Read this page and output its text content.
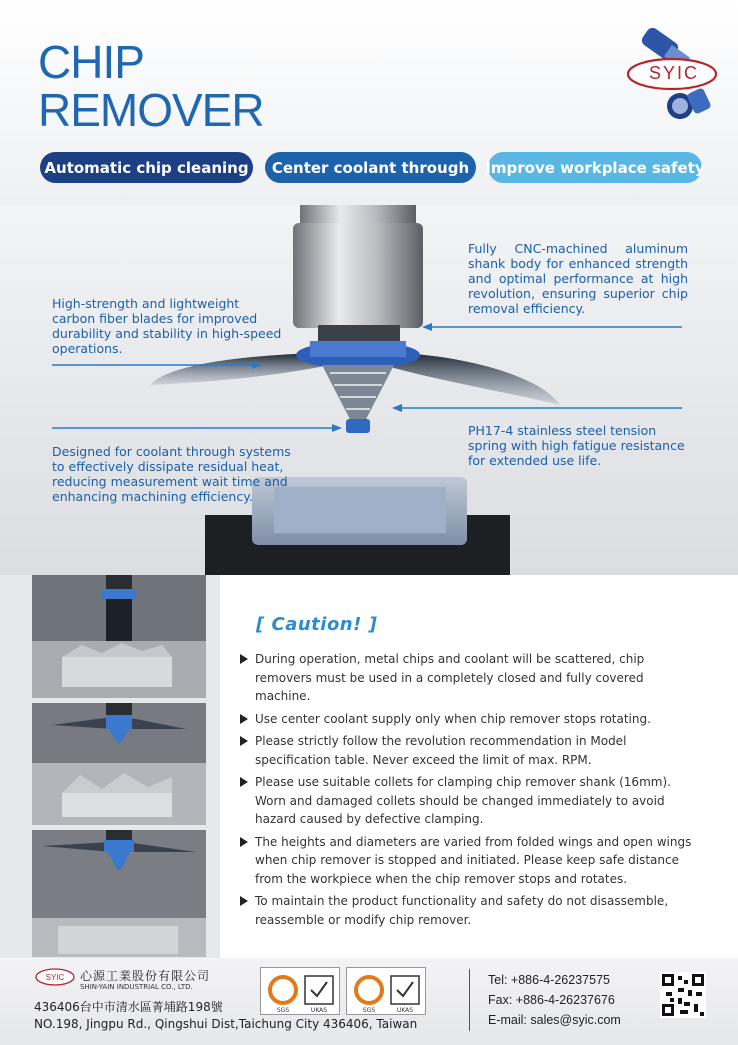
CHIP
REMOVER
SYIC
Automatic chip cleaning	Center coolant through	Improve workplace safety
High-strength and lightweight carbon fiber blades for improved durability and stability in high-speed operations.
Fully CNC-machined aluminum shank body for enhanced strength and optimal performance at high revolution, ensuring superior chip removal efficiency.
Designed for coolant through systems to effectively dissipate residual heat, reducing measurement wait time and enhancing machining efficiency.
PH17-4 stainless steel tension spring with high fatigue resistance for extended use life.
[ Caution! ]
During operation, metal chips and coolant will be scattered, chip removers must be used in a completely closed and fully covered machine.
Use center coolant supply only when chip remover stops rotating.
Please strictly follow the revolution recommendation in Model specification table. Never exceed the limit of max. RPM.
Please use suitable collets for clamping chip remover shank (16mm). Worn and damaged collets should be changed immediately to avoid hazard caused by defective clamping.
The heights and diameters are varied from folded wings and open wings when chip remover is stopped and initiated. Please keep safe distance from the workpiece when the chip remover stops and rotates.
To maintain the product functionality and safety do not disassemble, reassemble or modify chip remover.
SYIC 心源工業股份有限公司
SHIN-YAIN INDUSTRIAL CO., LTD.
436406台中市清水區菁埔路198號
NO.198, Jingpu Rd., Qingshui Dist,Taichung City 436406, Taiwan
SGS	UKAS	SGS	UKAS
Tel: +886-4-26237575
Fax: +886-4-26237676
E-mail: sales@syic.com
